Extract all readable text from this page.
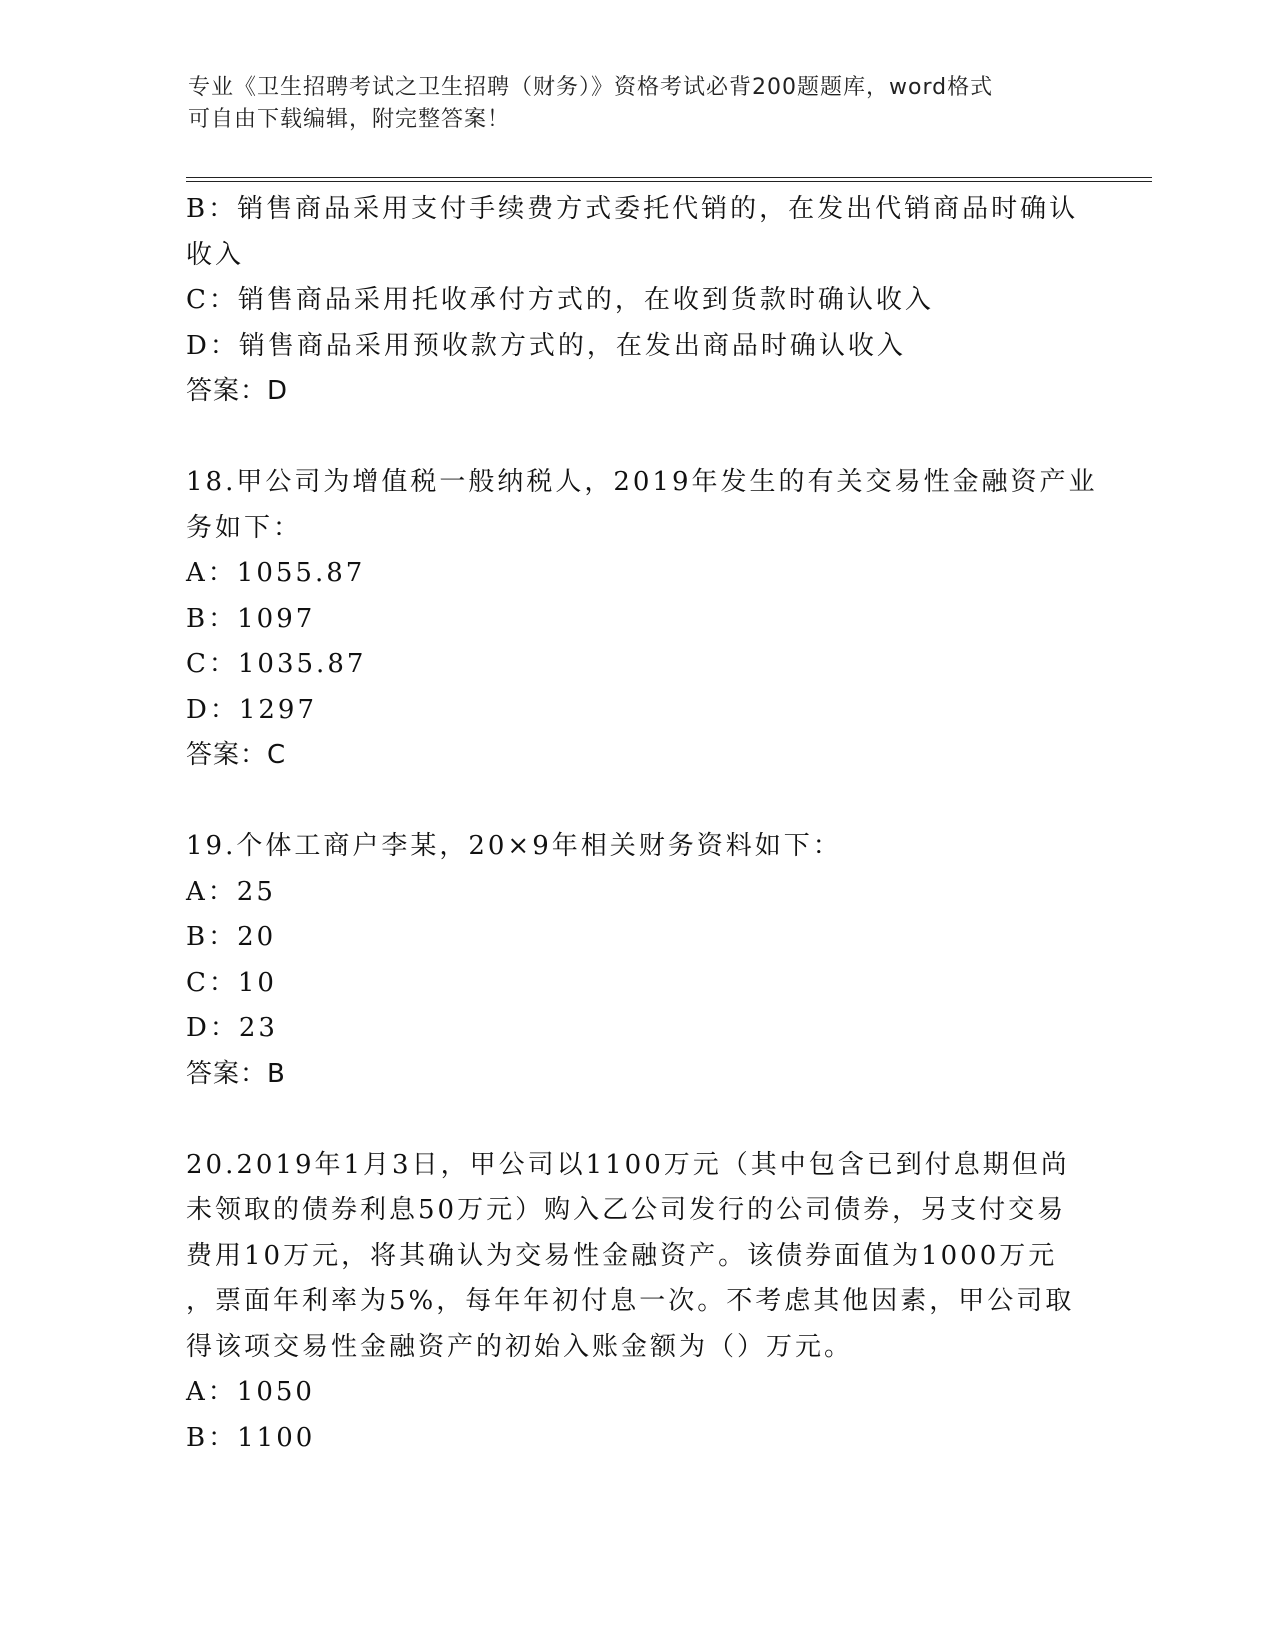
专业《卫生招聘考试之卫生招聘（财务）》资格考试必背200题题库，word格式
可自由下载编辑，附完整答案！
B：销售商品采用支付手续费方式委托代销的，在发出代销商品时确认
收入
C：销售商品采用托收承付方式的，在收到货款时确认收入
D：销售商品采用预收款方式的，在发出商品时确认收入
答案：D
18.甲公司为增值税一般纳税人，2019年发生的有关交易性金融资产业
务如下：
A：1055.87
B：1097
C：1035.87
D：1297
答案：C
19.个体工商户李某，20×9年相关财务资料如下：
A：25
B：20
C：10
D：23
答案：B
20.2019年1月3日，甲公司以1100万元（其中包含已到付息期但尚
未领取的债券利息50万元）购入乙公司发行的公司债券，另支付交易
费用10万元，将其确认为交易性金融资产。该债券面值为1000万元
，票面年利率为5%，每年年初付息一次。不考虑其他因素，甲公司取
得该项交易性金融资产的初始入账金额为（）万元。
A：1050
B：1100
